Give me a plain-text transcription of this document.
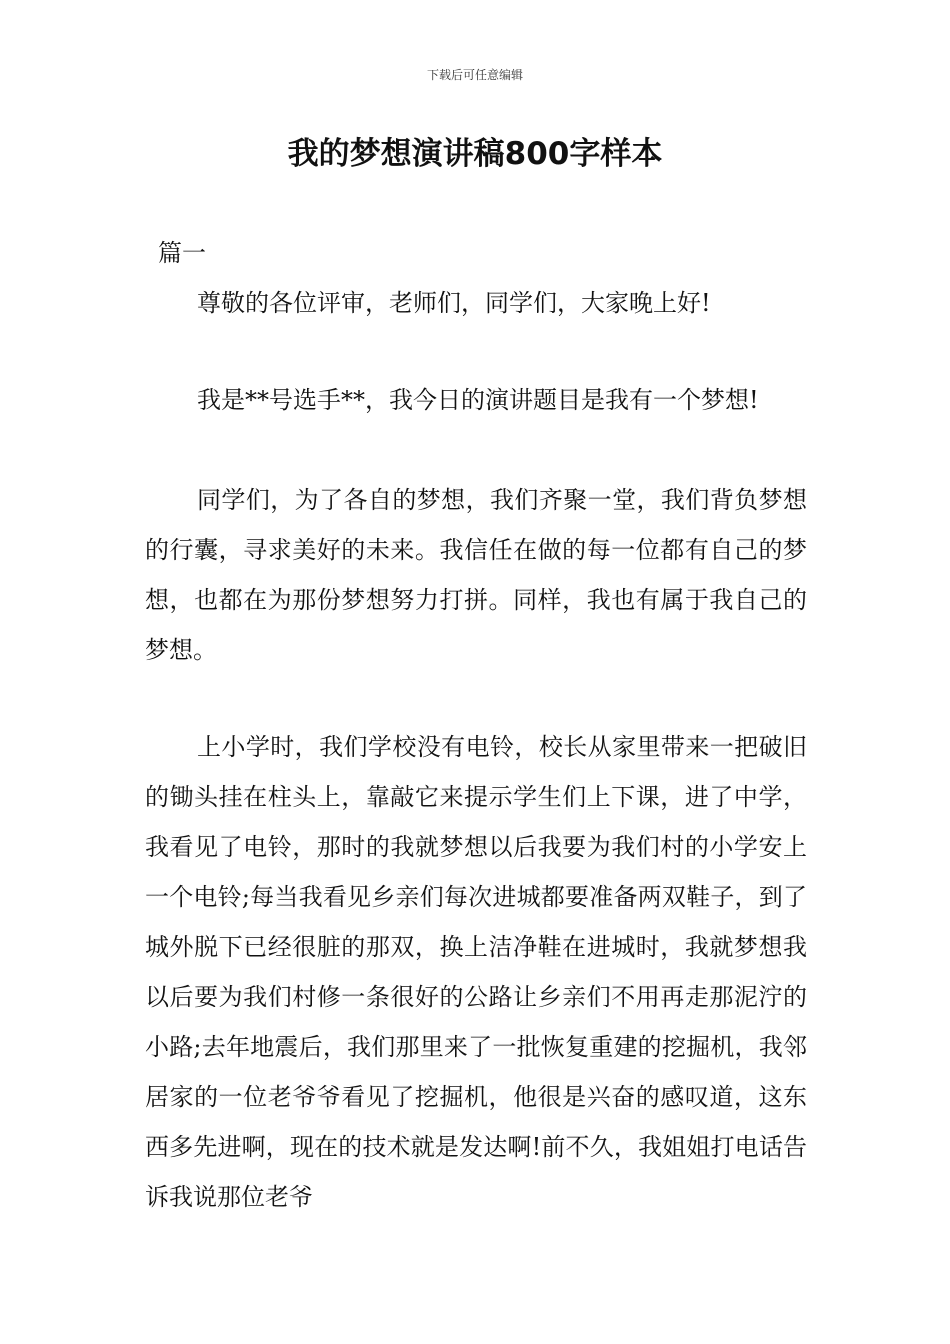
下载后可任意编辑
我的梦想演讲稿800字样本
篇一

尊敬的各位评审，老师们，同学们，大家晚上好!

我是**号选手**，我今日的演讲题目是我有一个梦想!

同学们，为了各自的梦想，我们齐聚一堂，我们背负梦想的行囊，寻求美好的未来。我信任在做的每一位都有自己的梦想，也都在为那份梦想努力打拼。同样，我也有属于我自己的梦想。

上小学时，我们学校没有电铃，校长从家里带来一把破旧的锄头挂在柱头上，靠敲它来提示学生们上下课，进了中学，我看见了电铃，那时的我就梦想以后我要为我们村的小学安上一个电铃;每当我看见乡亲们每次进城都要准备两双鞋子，到了城外脱下已经很脏的那双，换上洁净鞋在进城时，我就梦想我以后要为我们村修一条很好的公路让乡亲们不用再走那泥泞的小路;去年地震后，我们那里来了一批恢复重建的挖掘机，我邻居家的一位老爷爷看见了挖掘机，他很是兴奋的感叹道，这东西多先进啊，现在的技术就是发达啊!前不久，我姐姐打电话告诉我说那位老爷
